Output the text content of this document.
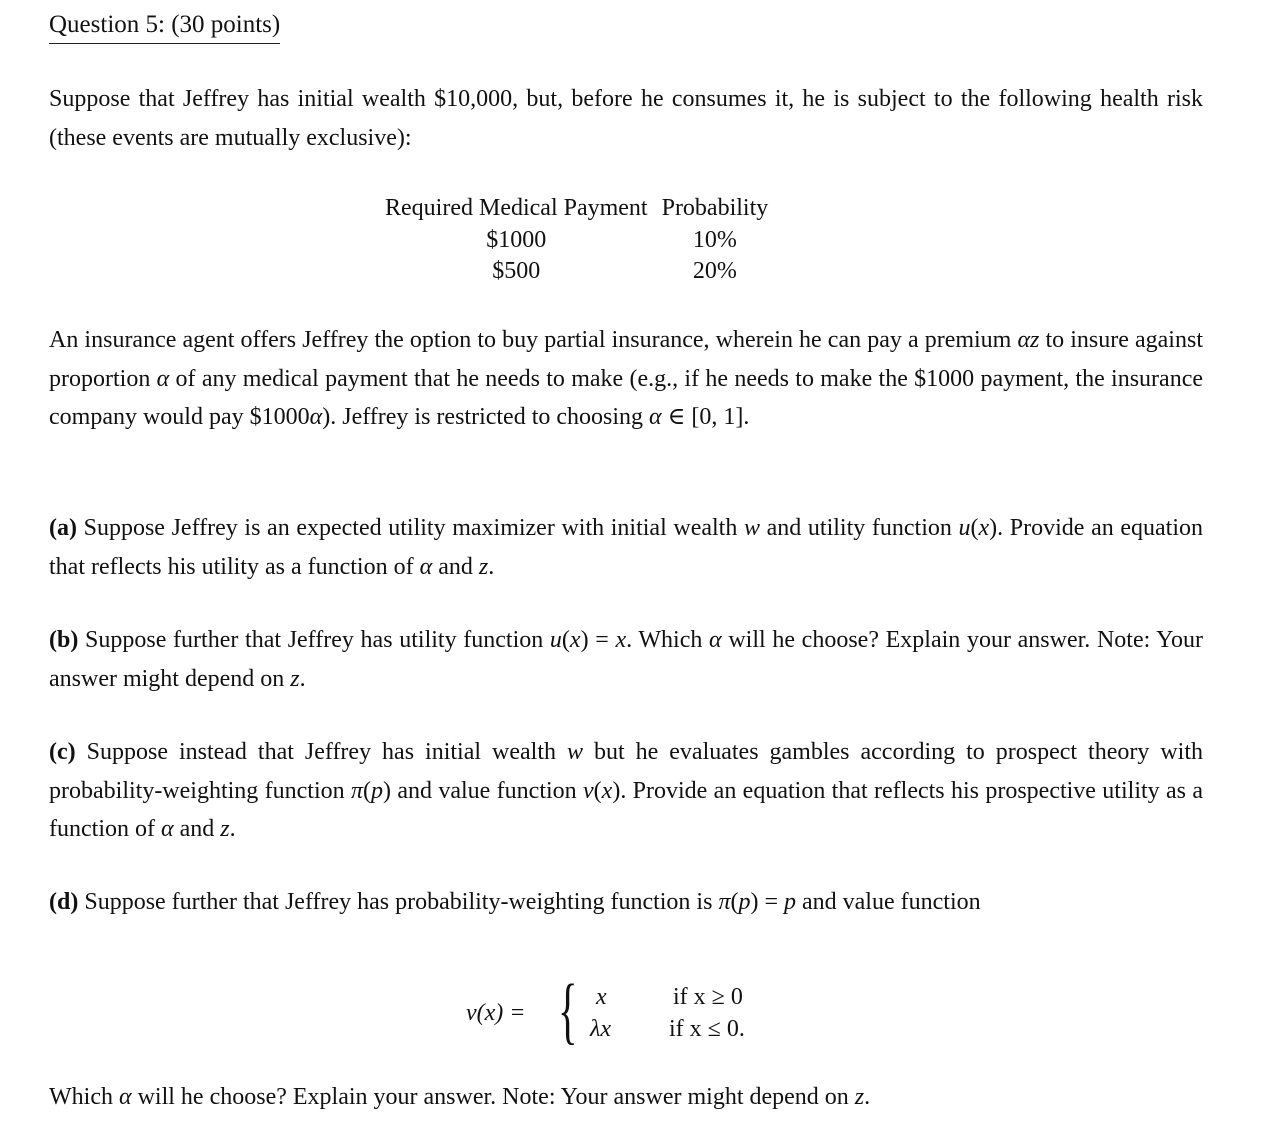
Question 5: (30 points)
Suppose that Jeffrey has initial wealth $10,000, but, before he consumes it, he is subject to the following health risk (these events are mutually exclusive):
Required Medical Payment	Probability
$1000	10%
$500	20%
An insurance agent offers Jeffrey the option to buy partial insurance, wherein he can pay a premium αz to insure against proportion α of any medical payment that he needs to make (e.g., if he needs to make the $1000 payment, the insurance company would pay $1000α). Jeffrey is restricted to choosing α ∈ [0, 1].
(a) Suppose Jeffrey is an expected utility maximizer with initial wealth w and utility function u(x). Provide an equation that reflects his utility as a function of α and z.
(b) Suppose further that Jeffrey has utility function u(x) = x. Which α will he choose? Explain your answer. Note: Your answer might depend on z.
(c) Suppose instead that Jeffrey has initial wealth w but he evaluates gambles according to prospect theory with probability-weighting function π(p) and value function v(x). Provide an equation that reflects his prospective utility as a function of α and z.
(d) Suppose further that Jeffrey has probability-weighting function is π(p) = p and value function
v(x) = { x	if x ≥ 0
λx if x ≤ 0.
Which α will he choose? Explain your answer. Note: Your answer might depend on z.
